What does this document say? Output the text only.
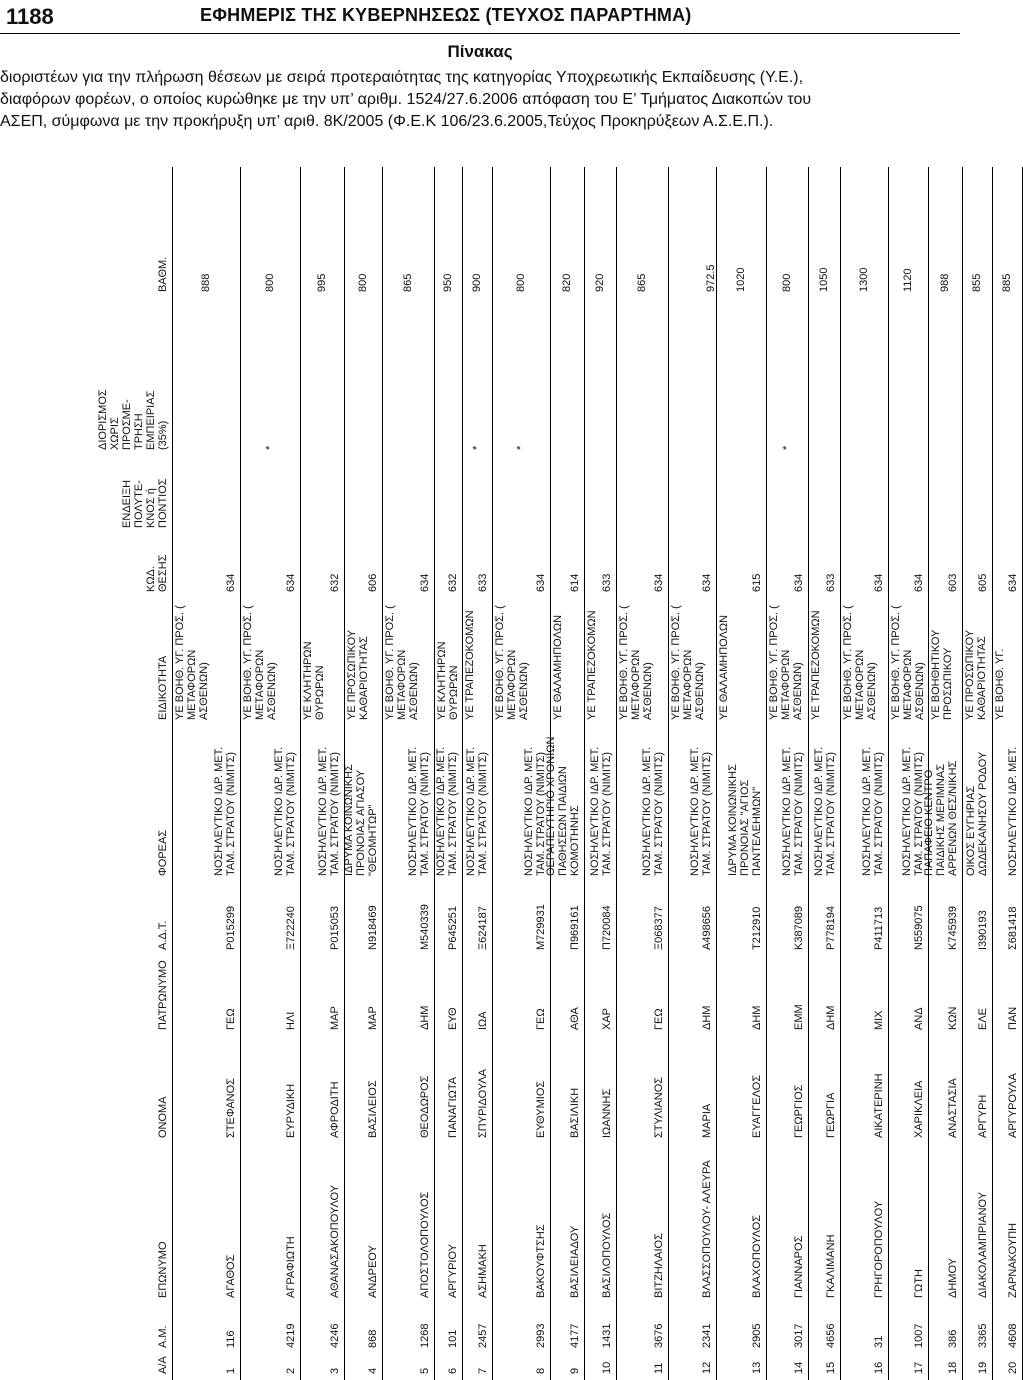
1188	ΕΦΗΜΕΡΙΣ ΤΗΣ ΚΥΒΕΡΝΗΣΕΩΣ (ΤΕΥΧΟΣ ΠΑΡΑΡΤΗΜΑ)
Πίνακας
διοριστέων για την πλήρωση θέσεων με σειρά προτεραιότητας της κατηγορίας Υποχρεωτικής Εκπαίδευσης (Υ.Ε.),
διαφόρων φορέων, ο οποίος κυρώθηκε με την υπ’ αριθμ. 1524/27.6.2006 απόφαση του Ε’ Τμήματος Διακοπών του
ΑΣΕΠ, σύμφωνα με την προκήρυξη υπ’ αριθ. 8Κ/2005 (Φ.Ε.Κ 106/23.6.2005,Τεύχος Προκηρύξεων Α.Σ.Ε.Π.).
Α/Α
Α.Μ.
ΕΠΩΝΥΜΟ
ΟΝΟΜΑ
ΠΑΤΡΩΝΥΜΟ
Α.Δ.Τ.
ΦΟΡΕΑΣ
ΕΙΔΙΚΟΤΗΤΑ
ΚΩΔ. ΘΕΣΗΣ
ΕΝΔΕΙΞΗ ΠΟΛΥΤΕ- ΚΝΟΣ ή ΠΟΝΤΙΟΣ
ΔΙΟΡΙΣΜΟΣ ΧΩΡΙΣ ΠΡΟΣΜΕ- ΤΡΗΣΗ ΕΜΠΕΙΡΙΑΣ (35%)
ΒΑΘΜ.
1
116
ΑΓΑΘΟΣ
ΣΤΕΦΑΝΟΣ
ΓΕΩ
Ρ015299
ΝΟΣΗΛΕΥΤΙΚΟ ΙΔΡ. ΜΕΤ. ΤΑΜ. ΣΤΡΑΤΟΥ (ΝΙΜΙΤΣ)
ΥΕ ΒΟΗΘ. ΥΓ. ΠΡΟΣ. ( ΜΕΤΑΦΟΡΩΝ ΑΣΘΕΝΩΝ)
634
888
2
4219
ΑΓΡΑΦΙΩΤΗ
ΕΥΡΥΔΙΚΗ
ΗΛΙ
Ξ722240
ΝΟΣΗΛΕΥΤΙΚΟ ΙΔΡ. ΜΕΤ. ΤΑΜ. ΣΤΡΑΤΟΥ (ΝΙΜΙΤΣ)
ΥΕ ΒΟΗΘ. ΥΓ. ΠΡΟΣ. ( ΜΕΤΑΦΟΡΩΝ ΑΣΘΕΝΩΝ)
634
*
800
3
4246
ΑΘΑΝΑΣΑΚΟΠΟΥΛΟΥ
ΑΦΡΟΔΙΤΗ
ΜΑΡ
Ρ015053
ΝΟΣΗΛΕΥΤΙΚΟ ΙΔΡ. ΜΕΤ. ΤΑΜ. ΣΤΡΑΤΟΥ (ΝΙΜΙΤΣ)
ΥΕ ΚΛΗΤΗΡΩΝ ΘΥΡΩΡΩΝ
632
995
4
868
ΑΝΔΡΕΟΥ
ΒΑΣΙΛΕΙΟΣ
ΜΑΡ
Ν918469
ΙΔΡΥΜΑ ΚΟΙΝΩΝΙΚΗΣ ΠΡΟΝΟΙΑΣ ΑΓΙΑΣΟΥ "ΘΕΟΜΗΤΩΡ"
ΥΕ ΠΡΟΣΩΠΙΚΟΥ ΚΑΘΑΡΙΟΤΗΤΑΣ
606
800
5
1268
ΑΠΟΣΤΟΛΟΠΟΥΛΟΣ
ΘΕΟΔΩΡΟΣ
ΔΗΜ
Μ540339
ΝΟΣΗΛΕΥΤΙΚΟ ΙΔΡ. ΜΕΤ. ΤΑΜ. ΣΤΡΑΤΟΥ (ΝΙΜΙΤΣ)
ΥΕ ΒΟΗΘ. ΥΓ. ΠΡΟΣ. ( ΜΕΤΑΦΟΡΩΝ ΑΣΘΕΝΩΝ)
634
865
6
101
ΑΡΓΥΡΙΟΥ
ΠΑΝΑΓΙΩΤΑ
ΕΥΘ
Ρ645251
ΝΟΣΗΛΕΥΤΙΚΟ ΙΔΡ. ΜΕΤ. ΤΑΜ. ΣΤΡΑΤΟΥ (ΝΙΜΙΤΣ)
ΥΕ ΚΛΗΤΗΡΩΝ ΘΥΡΩΡΩΝ
632
950
7
2457
ΑΣΗΜΑΚΗ
ΣΠΥΡΙΔΟΥΛΑ
ΙΩΑ
Ξ624187
ΝΟΣΗΛΕΥΤΙΚΟ ΙΔΡ. ΜΕΤ. ΤΑΜ. ΣΤΡΑΤΟΥ (ΝΙΜΙΤΣ)
ΥΕ ΤΡΑΠΕΖΟΚΟΜΩΝ
633
*
900
8
2993
ΒΑΚΟΥΦΤΣΗΣ
ΕΥΘΥΜΙΟΣ
ΓΕΩ
Μ729931
ΝΟΣΗΛΕΥΤΙΚΟ ΙΔΡ. ΜΕΤ. ΤΑΜ. ΣΤΡΑΤΟΥ (ΝΙΜΙΤΣ)
ΥΕ ΒΟΗΘ. ΥΓ. ΠΡΟΣ. ( ΜΕΤΑΦΟΡΩΝ ΑΣΘΕΝΩΝ)
634
*
800
9
4177
ΒΑΣΙΛΕΙΑΔΟΥ
ΒΑΣΙΛΙΚΗ
ΑΘΑ
Π969161
ΘΕΡΑΠΕΥΤΗΡΙΟ ΧΡΟΝΙΩΝ ΠΑΘΗΣΕΩΝ ΠΑΙΔΙΩΝ ΚΟΜΟΤΗΝΗΣ
ΥΕ ΘΑΛΑΜΗΠΟΛΩΝ
614
820
10
1431
ΒΑΣΙΛΟΠΟΥΛΟΣ
ΙΩΑΝΝΗΣ
ΧΑΡ
Π720084
ΝΟΣΗΛΕΥΤΙΚΟ ΙΔΡ. ΜΕΤ. ΤΑΜ. ΣΤΡΑΤΟΥ (ΝΙΜΙΤΣ)
ΥΕ ΤΡΑΠΕΖΟΚΟΜΩΝ
633
920
11
3676
ΒΙΤΖΗΛΑΙΟΣ
ΣΤΥΛΙΑΝΟΣ
ΓΕΩ
Ξ068377
ΝΟΣΗΛΕΥΤΙΚΟ ΙΔΡ. ΜΕΤ. ΤΑΜ. ΣΤΡΑΤΟΥ (ΝΙΜΙΤΣ)
ΥΕ ΒΟΗΘ. ΥΓ. ΠΡΟΣ. ( ΜΕΤΑΦΟΡΩΝ ΑΣΘΕΝΩΝ)
634
865
12
2341
ΒΛΑΣΣΟΠΟΥΛΟΥ- ΑΛΕΥΡΑ
ΜΑΡΙΑ
ΔΗΜ
Α498656
ΝΟΣΗΛΕΥΤΙΚΟ ΙΔΡ. ΜΕΤ. ΤΑΜ. ΣΤΡΑΤΟΥ (ΝΙΜΙΤΣ)
ΥΕ ΒΟΗΘ. ΥΓ. ΠΡΟΣ. ( ΜΕΤΑΦΟΡΩΝ ΑΣΘΕΝΩΝ)
634
972.5
13
2905
ΒΛΑΧΟΠΟΥΛΟΣ
ΕΥΑΓΓΕΛΟΣ
ΔΗΜ
Τ212910
ΙΔΡΥΜΑ ΚΟΙΝΩΝΙΚΗΣ ΠΡΟΝΟΙΑΣ "ΑΓΙΟΣ ΠΑΝΤΕΛΕΗΜΩΝ"
ΥΕ ΘΑΛΑΜΗΠΟΛΩΝ
615
1020
14
3017
ΓΙΑΝΝΑΡΟΣ
ΓΕΩΡΓΙΟΣ
ΕΜΜ
Κ387089
ΝΟΣΗΛΕΥΤΙΚΟ ΙΔΡ. ΜΕΤ. ΤΑΜ. ΣΤΡΑΤΟΥ (ΝΙΜΙΤΣ)
ΥΕ ΒΟΗΘ. ΥΓ. ΠΡΟΣ. ( ΜΕΤΑΦΟΡΩΝ ΑΣΘΕΝΩΝ)
634
*
800
15
4656
ΓΚΑΛΙΜΑΝΗ
ΓΕΩΡΓΙΑ
ΔΗΜ
Ρ778194
ΝΟΣΗΛΕΥΤΙΚΟ ΙΔΡ. ΜΕΤ. ΤΑΜ. ΣΤΡΑΤΟΥ (ΝΙΜΙΤΣ)
ΥΕ ΤΡΑΠΕΖΟΚΟΜΩΝ
633
1050
16
31
ΓΡΗΓΟΡΟΠΟΥΛΟΥ
ΑΙΚΑΤΕΡΙΝΗ
ΜΙΧ
Ρ411713
ΝΟΣΗΛΕΥΤΙΚΟ ΙΔΡ. ΜΕΤ. ΤΑΜ. ΣΤΡΑΤΟΥ (ΝΙΜΙΤΣ)
ΥΕ ΒΟΗΘ. ΥΓ. ΠΡΟΣ. ( ΜΕΤΑΦΟΡΩΝ ΑΣΘΕΝΩΝ)
634
1300
17
1007
ΓΩΤΗ
ΧΑΡΙΚΛΕΙΑ
ΑΝΔ
Ν559075
ΝΟΣΗΛΕΥΤΙΚΟ ΙΔΡ. ΜΕΤ. ΤΑΜ. ΣΤΡΑΤΟΥ (ΝΙΜΙΤΣ)
ΥΕ ΒΟΗΘ. ΥΓ. ΠΡΟΣ. ( ΜΕΤΑΦΟΡΩΝ ΑΣΘΕΝΩΝ)
634
1120
18
386
ΔΗΜΟΥ
ΑΝΑΣΤΑΣΙΑ
ΚΩΝ
Κ745939
ΠΑΠΑΦΕΙΟ ΚΕΝΤΡΟ ΠΑΙΔΙΚΗΣ ΜΕΡΙΜΝΑΣ ΑΡΡΕΝΩΝ ΘΕΣ/ΝΙΚΗΣ
ΥΕ ΒΟΗΘΗΤΙΚΟΥ ΠΡΟΣΩΠΙΚΟΥ
603
988
19
3365
ΔΙΑΚΟΛΑΜΠΡΙΑΝΟΥ
ΑΡΓΥΡΗ
ΕΛΕ
Ι390193
ΟΙΚΟΣ ΕΥΓΗΡΙΑΣ ΔΩΔΕΚΑΝΗΣΟΥ ΡΟΔΟΥ
ΥΕ ΠΡΟΣΩΠΙΚΟΥ ΚΑΘΑΡΙΟΤΗΤΑΣ
605
855
20
4608
ΖΑΡΝΑΚΟΥΠΗ
ΑΡΓΥΡΟΥΛΑ
ΠΑΝ
Σ681418
ΝΟΣΗΛΕΥΤΙΚΟ ΙΔΡ. ΜΕΤ.
ΥΕ ΒΟΗΘ. ΥΓ.
634
885
